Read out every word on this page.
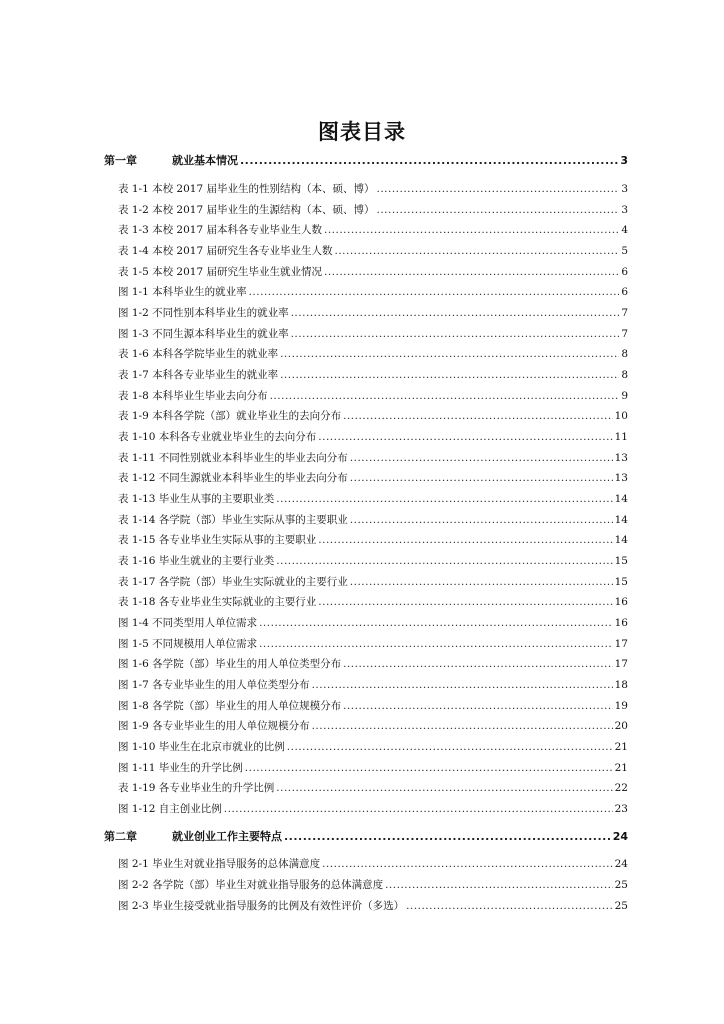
图表目录
第一章	就业基本情况 .....	3
表 1-1 本校 2017 届毕业生的性别结构（本、硕、博） .....	3
表 1-2 本校 2017 届毕业生的生源结构（本、硕、博） .....	3
表 1-3 本校 2017 届本科各专业毕业生人数 .....	4
表 1-4 本校 2017 届研究生各专业毕业生人数 .....	5
表 1-5 本校 2017 届研究生毕业生就业情况 .....	6
图 1-1 本科毕业生的就业率 .....	6
图 1-2 不同性别本科毕业生的就业率 .....	7
图 1-3 不同生源本科毕业生的就业率 .....	7
表 1-6 本科各学院毕业生的就业率 .....	8
表 1-7 本科各专业毕业生的就业率 .....	8
表 1-8 本科毕业生毕业去向分布 .....	9
表 1-9 本科各学院（部）就业毕业生的去向分布 .....	10
表 1-10 本科各专业就业毕业生的去向分布 .....	11
表 1-11 不同性别就业本科毕业生的毕业去向分布 .....	13
表 1-12 不同生源就业本科毕业生的毕业去向分布 .....	13
表 1-13 毕业生从事的主要职业类 .....	14
表 1-14 各学院（部）毕业生实际从事的主要职业 .....	14
表 1-15 各专业毕业生实际从事的主要职业 .....	14
表 1-16 毕业生就业的主要行业类 .....	15
表 1-17 各学院（部）毕业生实际就业的主要行业 .....	15
表 1-18 各专业毕业生实际就业的主要行业 .....	16
图 1-4 不同类型用人单位需求 .....	16
图 1-5 不同规模用人单位需求 .....	17
图 1-6 各学院（部）毕业生的用人单位类型分布 .....	17
图 1-7 各专业毕业生的用人单位类型分布 .....	18
图 1-8 各学院（部）毕业生的用人单位规模分布 .....	19
图 1-9 各专业毕业生的用人单位规模分布 .....	20
图 1-10 毕业生在北京市就业的比例 .....	21
图 1-11 毕业生的升学比例 .....	21
表 1-19 各专业毕业生的升学比例 .....	22
图 1-12 自主创业比例 .....	23
第二章	就业创业工作主要特点 .....	24
图 2-1 毕业生对就业指导服务的总体满意度 .....	24
图 2-2 各学院（部）毕业生对就业指导服务的总体满意度 .....	25
图 2-3 毕业生接受就业指导服务的比例及有效性评价（多选） .....	25
